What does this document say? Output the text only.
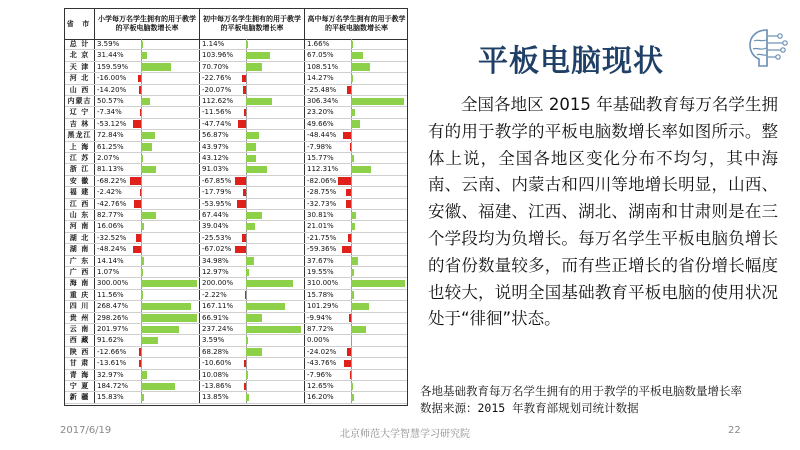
省 市
小学每万名学生拥有的用于教学的平板电脑数增长率
初中每万名学生拥有的用于教学的平板电脑数增长率
高中每万名学生拥有的用于教学的平板电脑数增长率
总 计	3.59%	1.14%	1.66%
北 京	31.44%	103.96%	67.05%
天 津	159.59%	70.70%	108.51%
河 北	-16.00%	-22.76%	14.27%
山 西	-14.20%	-20.07%	-25.48%
内蒙古 50.57%	112.62%	306.34%
辽 宁	-7.34%	-11.56%	23.20%
吉 林	-53.12%	-47.74%	49.66%
黑龙江 72.84%	56.87%	-48.44%
上 海	61.25%	43.97%	-7.98%
江 苏	2.07%	43.12%	15.77%
浙 江	81.13%	91.03%	112.31%
安 徽	-68.22%	-67.85%	-82.06%
福 建	-2.42%	-17.79%	-28.75%
江 西	-42.76%	-53.95%	-32.73%
山 东	82.77%	67.44%	30.81%
河 南	16.06%	39.04%	21.01%
湖 北	-32.52%	-25.53%	-21.75%
湖 南	-48.24%	-67.02%	-59.36%
广 东	14.14%	34.98%	37.67%
广 西	1.07%	12.97%	19.55%
海 南	300.00%	200.00%	310.00%
重 庆	11.56%	-2.22%	15.78%
四 川	268.47%	167.11%	101.29%
贵 州	298.26%	66.91%	-9.94%
云 南	201.97%	237.24%	87.72%
西 藏	91.62%	3.59%	0.00%
陕 西	-12.66%	68.28%	-24.02%
甘 肃	-13.61%	-10.60%	-43.76%
青 海	32.97%	10.08%	-7.96%
宁 夏	184.72%	-13.86%	12.65%
新 疆	15.83%	13.85%	16.20%
平板电脑现状
全国各地区 2015 年基础教育每万名学生拥有的用于教学的平板电脑数增长率如图所示。整体上说，全国各地区变化分布不均匀，其中海南、云南、内蒙古和四川等地增长明显，山西、安徽、福建、江西、湖北、湖南和甘肃则是在三个学段均为负增长。每万名学生平板电脑负增长的省份数量较多，而有些正增长的省份增长幅度也较大，说明全国基础教育平板电脑的使用状况处于“徘徊”状态。
各地基础教育每万名学生拥有的用于教学的平板电脑数量增长率
数据来源：2015 年教育部规划司统计数据
2017/6/19	北京师范大学智慧学习研究院	22
